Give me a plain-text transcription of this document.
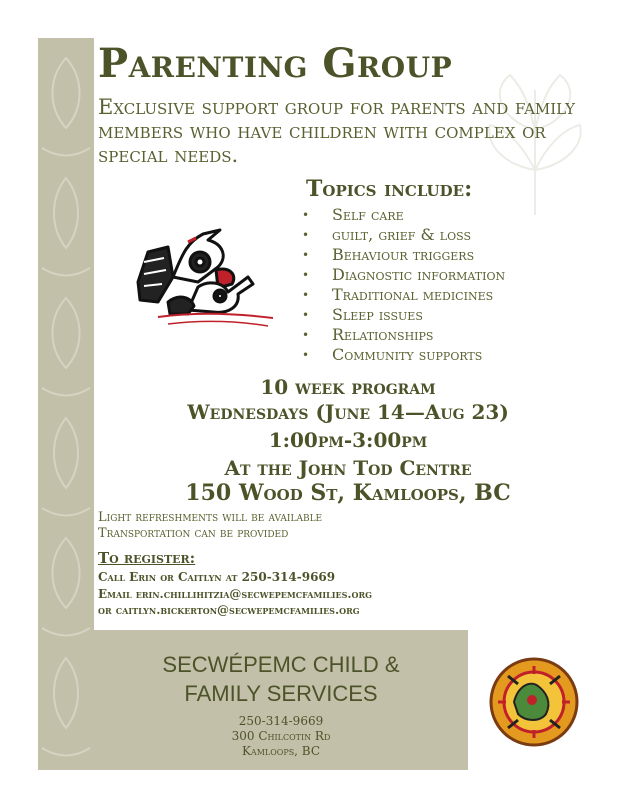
Parenting Group
Exclusive support group for parents and family members who have children with complex or special needs.
Topics include:
• Self care
• guilt, grief & loss
• Behaviour triggers
• Diagnostic information
• Traditional medicines
• Sleep issues
• Relationships
• Community supports
10 week program
Wednesdays (June 14—Aug 23)
1:00pm-3:00pm
At the John Tod Centre
150 Wood St, Kamloops, BC
Light refreshments will be available
Transportation can be provided
To register:
Call Erin or Caitlyn at 250-314-9669
Email erin.chillihitzia@secwepemcfamilies.org
or caitlyn.bickerton@secwepemcfamilies.org
SECWÉPEMC CHILD &
FAMILY SERVICES
250-314-9669
300 Chilcotin Rd
Kamloops, BC
